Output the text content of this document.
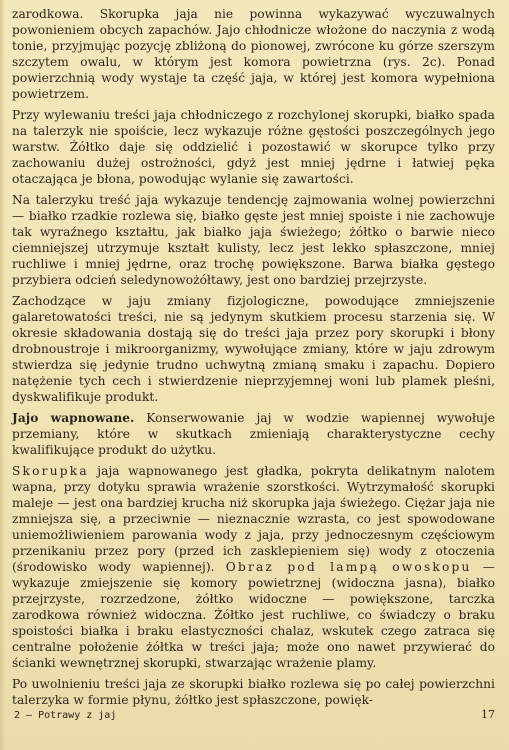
zarodkowa. Skorupka jaja nie powinna wykazywać wyczuwalnych powonieniem obcych zapachów. Jajo chłodnicze włożone do naczynia z wodą tonie, przyjmując pozycję zbliżoną do pionowej, zwrócone ku górze szerszym szczytem owalu, w którym jest komora powietrzna (rys. 2c). Ponad powierzchnią wody wystaje ta część jaja, w której jest komora wypełniona powietrzem.

Przy wylewaniu treści jaja chłodniczego z rozchylonej skorupki, białko spada na talerzyk nie spoiście, lecz wykazuje różne gęstości poszczególnych jego warstw. Żółtko daje się oddzielić i pozostawić w skorupce tylko przy zachowaniu dużej ostrożności, gdyż jest mniej jędrne i łatwiej pęka otaczająca je błona, powodując wylanie się zawartości.

Na talerzyku treść jaja wykazuje tendencję zajmowania wolnej powierzchni — białko rzadkie rozlewa się, białko gęste jest mniej spoiste i nie zachowuje tak wyraźnego kształtu, jak białko jaja świeżego; żółtko o barwie nieco ciemniejszej utrzymuje kształt kulisty, lecz jest lekko spłaszczone, mniej ruchliwe i mniej jędrne, oraz trochę powiększone. Barwa białka gęstego przybiera odcień seledynowożółtawy, jest ono bardziej przejrzyste.

Zachodzące w jaju zmiany fizjologiczne, powodujące zmniejszenie galaretowatości treści, nie są jedynym skutkiem procesu starzenia się. W okresie składowania dostają się do treści jaja przez pory skorupki i błony drobnoustroje i mikroorganizmy, wywołujące zmiany, które w jaju zdrowym stwierdza się jedynie trudno uchwytną zmianą smaku i zapachu. Dopiero natężenie tych cech i stwierdzenie nieprzyjemnej woni lub plamek pleśni, dyskwalifikuje produkt.

Jajo wapnowane. Konserwowanie jaj w wodzie wapiennej wywołuje przemiany, które w skutkach zmieniają charakterystyczne cechy kwalifikujące produkt do użytku.

Skorupka jaja wapnowanego jest gładka, pokryta delikatnym nalotem wapna, przy dotyku sprawia wrażenie szorstkości. Wytrzymałość skorupki maleje — jest ona bardziej krucha niż skorupka jaja świeżego. Ciężar jaja nie zmniejsza się, a przeciwnie — nieznacznie wzrasta, co jest spowodowane uniemożliwieniem parowania wody z jaja, przy jednoczesnym częściowym przenikaniu przez pory (przed ich zasklepieniem się) wody z otoczenia (środowisko wody wapiennej). Obraz pod lampą owoskopu — wykazuje zmiejszenie się komory powietrznej (widoczna jasna), białko przejrzyste, rozrzedzone, żółtko widoczne — powiększone, tarczka zarodkowa również widoczna. Żółtko jest ruchliwe, co świadczy o braku spoistości białka i braku elastyczności chalaz, wskutek czego zatraca się centralne położenie żółtka w treści jaja; może ono nawet przywierać do ścianki wewnętrznej skorupki, stwarzając wrażenie plamy.

Po uwolnieniu treści jaja ze skorupki białko rozlewa się po całej powierzchni talerzyka w formie płynu, żółtko jest spłaszczone, powięk-

2 — Potrawy z jaj	17
